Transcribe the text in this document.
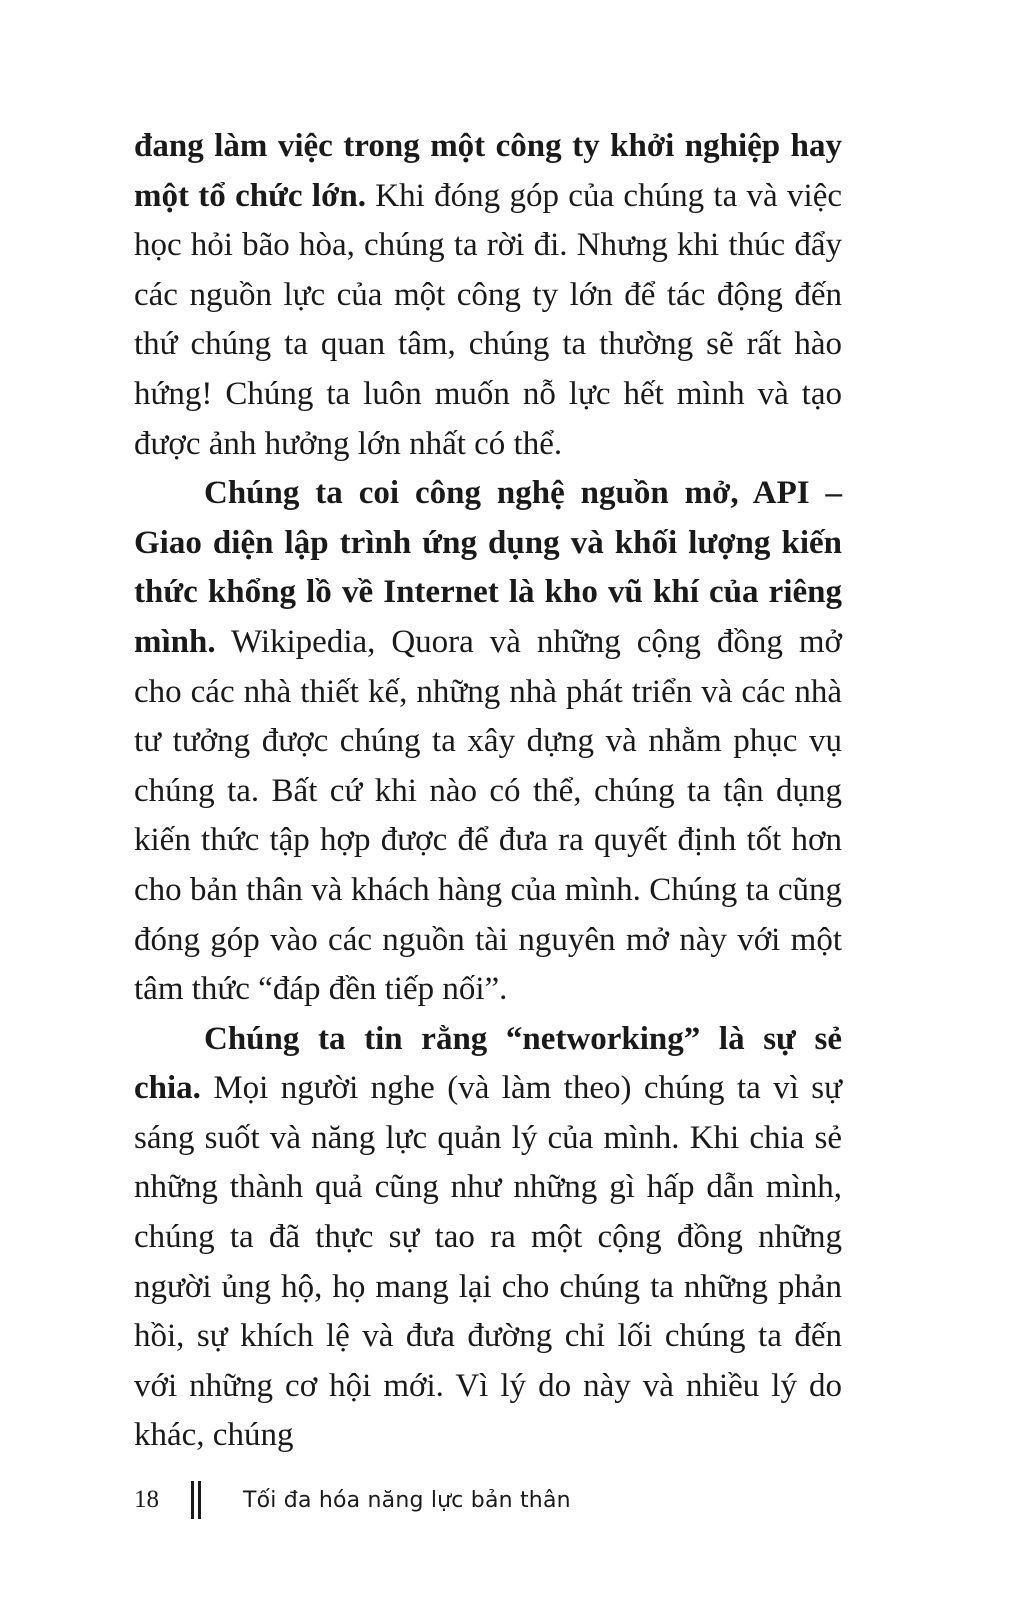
đang làm việc trong một công ty khởi nghiệp hay một tổ chức lớn. Khi đóng góp của chúng ta và việc học hỏi bão hòa, chúng ta rời đi. Nhưng khi thúc đẩy các nguồn lực của một công ty lớn để tác động đến thứ chúng ta quan tâm, chúng ta thường sẽ rất hào hứng! Chúng ta luôn muốn nỗ lực hết mình và tạo được ảnh hưởng lớn nhất có thể.

Chúng ta coi công nghệ nguồn mở, API – Giao diện lập trình ứng dụng và khối lượng kiến thức khổng lồ về Internet là kho vũ khí của riêng mình. Wikipedia, Quora và những cộng đồng mở cho các nhà thiết kế, những nhà phát triển và các nhà tư tưởng được chúng ta xây dựng và nhằm phục vụ chúng ta. Bất cứ khi nào có thể, chúng ta tận dụng kiến thức tập hợp được để đưa ra quyết định tốt hơn cho bản thân và khách hàng của mình. Chúng ta cũng đóng góp vào các nguồn tài nguyên mở này với một tâm thức “đáp đền tiếp nối”.

Chúng ta tin rằng “networking” là sự sẻ chia. Mọi người nghe (và làm theo) chúng ta vì sự sáng suốt và năng lực quản lý của mình. Khi chia sẻ những thành quả cũng như những gì hấp dẫn mình, chúng ta đã thực sự tao ra một cộng đồng những người ủng hộ, họ mang lại cho chúng ta những phản hồi, sự khích lệ và đưa đường chỉ lối chúng ta đến với những cơ hội mới. Vì lý do này và nhiều lý do khác, chúng

18	Tối đa hóa năng lực bản thân
